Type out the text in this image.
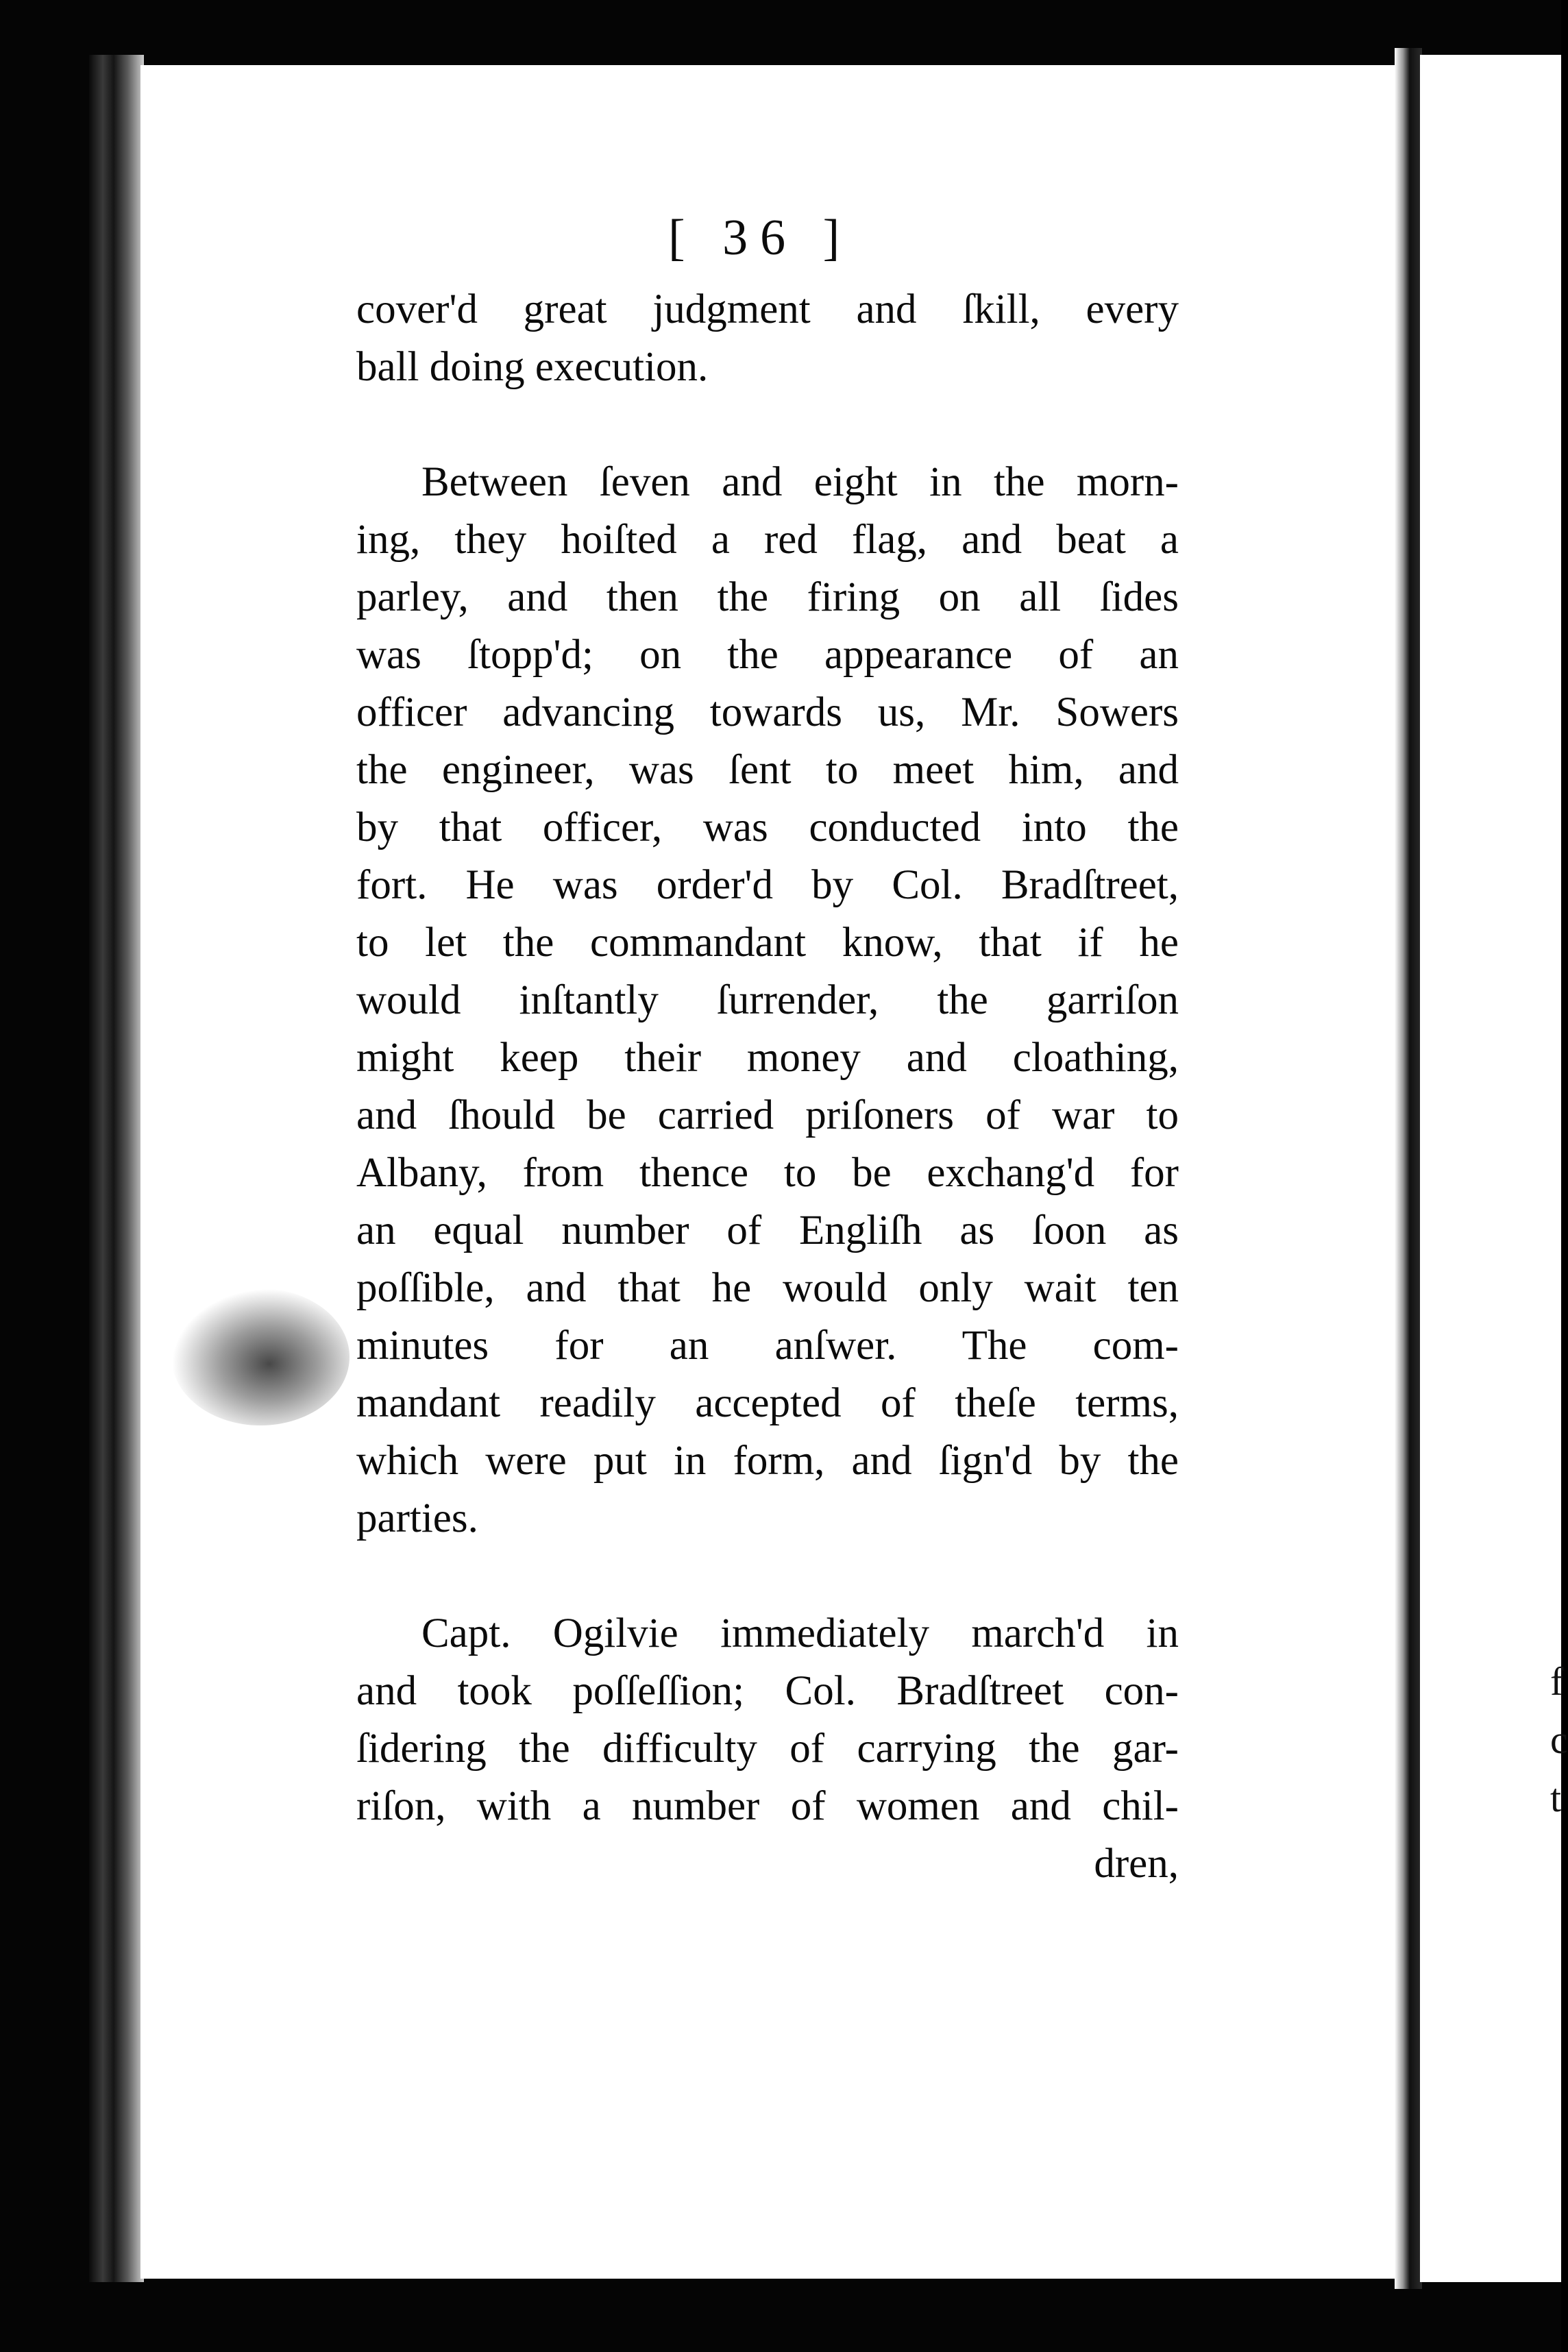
f
c
t
[ 36 ]
cover'd great judgment and ſkill, every
ball doing execution.
Between ſeven and eight in the morn-
ing, they hoiſted a red flag, and beat a
parley, and then the firing on all ſides
was ſtopp'd; on the appearance of an
officer advancing towards us, Mr. Sowers
the engineer, was ſent to meet him, and
by that officer, was conducted into the
fort. He was order'd by Col. Bradſtreet,
to let the commandant know, that if he
would inſtantly ſurrender, the garriſon
might keep their money and cloathing,
and ſhould be carried priſoners of war to
Albany, from thence to be exchang'd for
an equal number of Engliſh as ſoon as
poſſible, and that he would only wait ten
minutes for an anſwer. The com-
mandant readily accepted of theſe terms,
which were put in form, and ſign'd by the
parties.
Capt. Ogilvie immediately march'd in
and took poſſeſſion; Col. Bradſtreet con-
ſidering the difficulty of carrying the gar-
riſon, with a number of women and chil-
dren,
